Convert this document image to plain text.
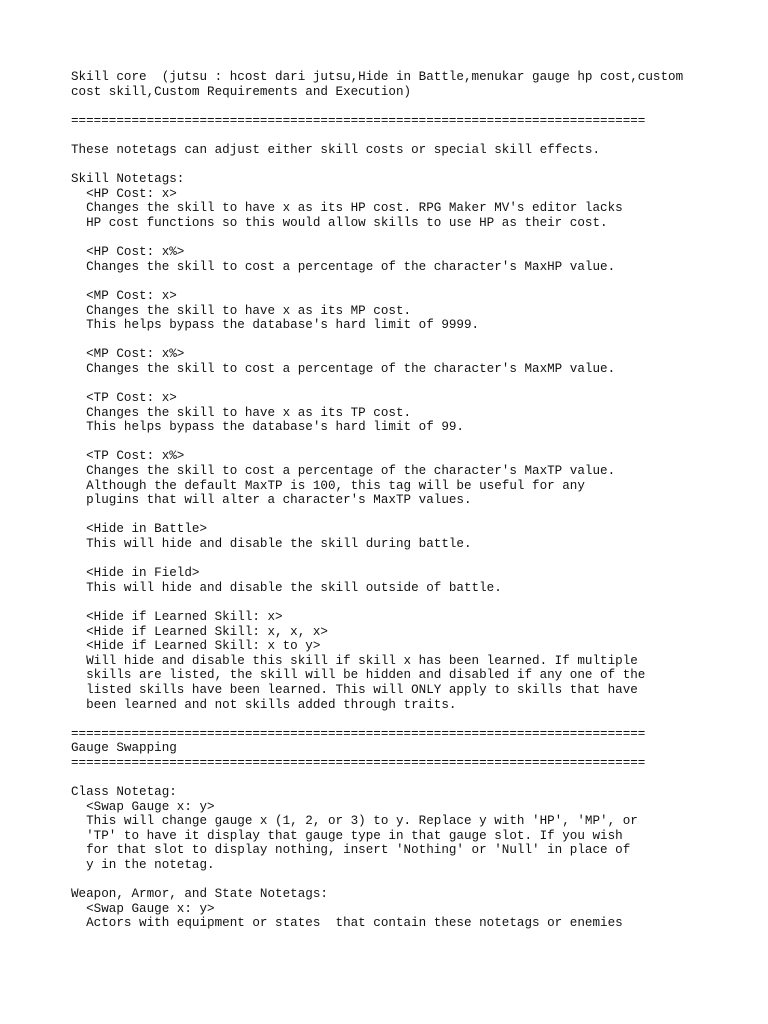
Skill core  (jutsu : hcost dari jutsu,Hide in Battle,menukar gauge hp cost,custom
cost skill,Custom Requirements and Execution)
============================================================================
These notetags can adjust either skill costs or special skill effects.
Skill Notetags:
<HP Cost: x>
Changes the skill to have x as its HP cost. RPG Maker MV's editor lacks
HP cost functions so this would allow skills to use HP as their cost.
<HP Cost: x%>
Changes the skill to cost a percentage of the character's MaxHP value.
<MP Cost: x>
Changes the skill to have x as its MP cost.
This helps bypass the database's hard limit of 9999.
<MP Cost: x%>
Changes the skill to cost a percentage of the character's MaxMP value.
<TP Cost: x>
Changes the skill to have x as its TP cost.
This helps bypass the database's hard limit of 99.
<TP Cost: x%>
Changes the skill to cost a percentage of the character's MaxTP value.
Although the default MaxTP is 100, this tag will be useful for any
plugins that will alter a character's MaxTP values.
<Hide in Battle>
This will hide and disable the skill during battle.
<Hide in Field>
This will hide and disable the skill outside of battle.
<Hide if Learned Skill: x>
<Hide if Learned Skill: x, x, x>
<Hide if Learned Skill: x to y>
Will hide and disable this skill if skill x has been learned. If multiple
skills are listed, the skill will be hidden and disabled if any one of the
listed skills have been learned. This will ONLY apply to skills that have
been learned and not skills added through traits.
============================================================================
Gauge Swapping
============================================================================
Class Notetag:
<Swap Gauge x: y>
This will change gauge x (1, 2, or 3) to y. Replace y with 'HP', 'MP', or
'TP' to have it display that gauge type in that gauge slot. If you wish
for that slot to display nothing, insert 'Nothing' or 'Null' in place of
y in the notetag.
Weapon, Armor, and State Notetags:
<Swap Gauge x: y>
Actors with equipment or states  that contain these notetags or enemies
